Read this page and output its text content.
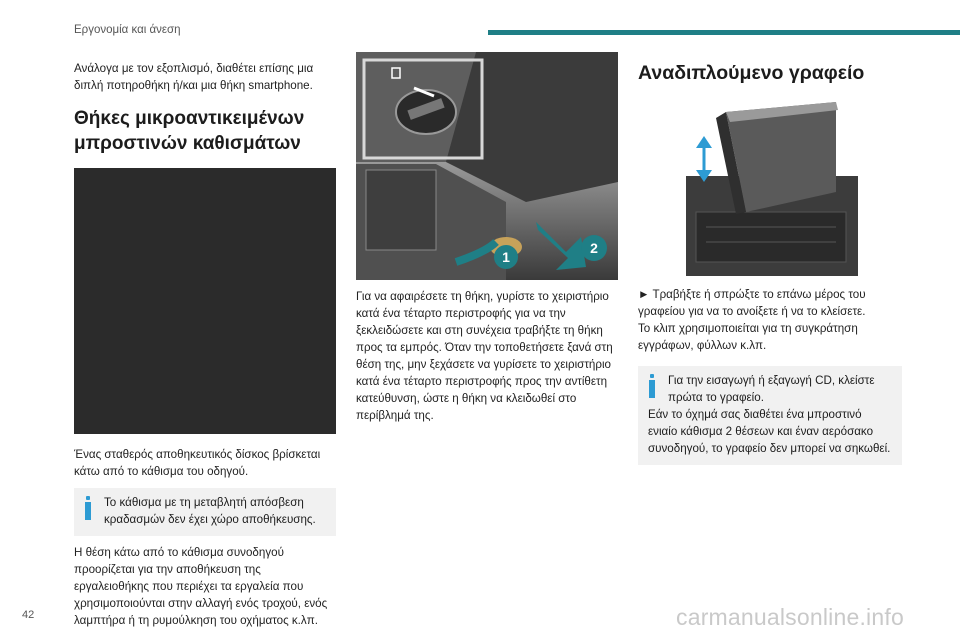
Εργονομία και άνεση

Ανάλογα με τον εξοπλισμό, διαθέτει επίσης μια διπλή ποτηροθήκη ή/και μια θήκη smartphone.

Θήκες μικροαντικειμένων μπροστινών καθισμάτων

Ένας σταθερός αποθηκευτικός δίσκος βρίσκεται κάτω από το κάθισμα του οδηγού.

Το κάθισμα με τη μεταβλητή απόσβεση κραδασμών δεν έχει χώρο αποθήκευσης.

Η θέση κάτω από το κάθισμα συνοδηγού προορίζεται για την αποθήκευση της εργαλειοθήκης που περιέχει τα εργαλεία που χρησιμοποιούνται στην αλλαγή ενός τροχού, ενός λαμπτήρα ή τη ρυμούλκηση του οχήματος κ.λπ.

1
2

Για να αφαιρέσετε τη θήκη, γυρίστε το χειριστήριο κατά ένα τέταρτο περιστροφής για να την ξεκλειδώσετε και στη συνέχεια τραβήξτε τη θήκη προς τα εμπρός. Όταν την τοποθετήσετε ξανά στη θέση της, μην ξεχάσετε να γυρίσετε το χειριστήριο κατά ένα τέταρτο περιστροφής προς την αντίθετη κατεύθυνση, ώστε η θήκη να κλειδωθεί στο περίβλημά της.

Αναδιπλούμενο γραφείο

► Τραβήξτε ή σπρώξτε το επάνω μέρος του γραφείου για να το ανοίξετε ή να το κλείσετε.

Το κλιπ χρησιμοποιείται για τη συγκράτηση εγγράφων, φύλλων κ.λπ.

Για την εισαγωγή ή εξαγωγή CD, κλείστε πρώτα το γραφείο.
Εάν το όχημά σας διαθέτει ένα μπροστινό ενιαίο κάθισμα 2 θέσεων και έναν αερόσακο συνοδηγού, το γραφείο δεν μπορεί να σηκωθεί.
42	carmanualsonline.info
